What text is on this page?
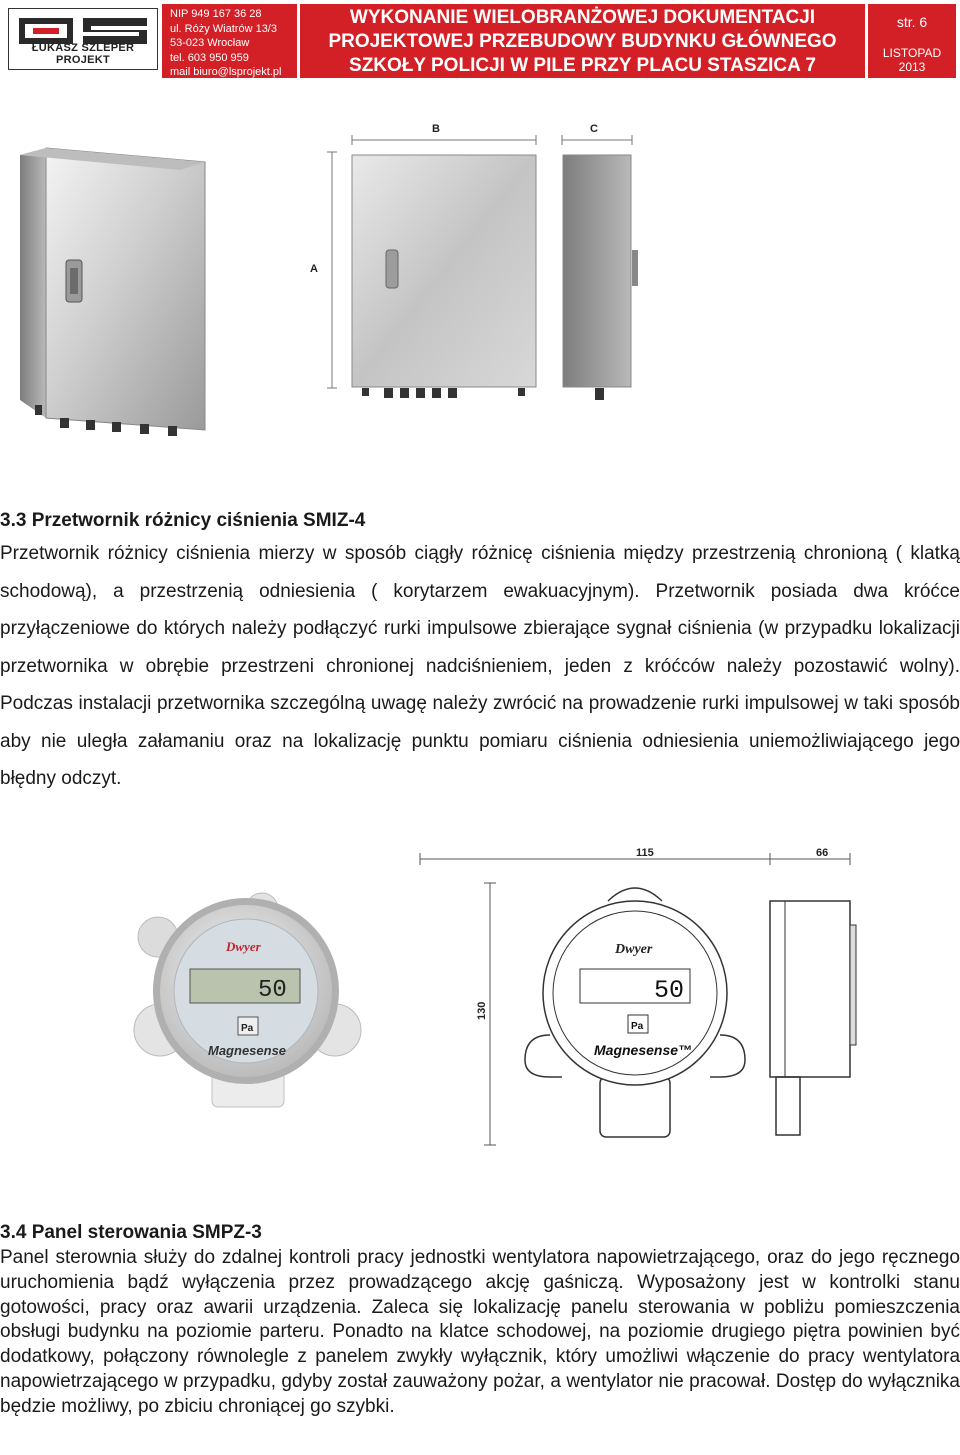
ŁUKASZ SZLEPER PROJEKT
NIP 949 167 36 28
ul. Róży Wiatrów 13/3
53-023 Wrocław
tel. 603 950 959
mail biuro@lsprojekt.pl
WYKONANIE WIELOBRANŻOWEJ DOKUMENTACJI
PROJEKTOWEJ PRZEBUDOWY BUDYNKU GŁÓWNEGO
SZKOŁY POLICJI W PILE PRZY PLACU STASZICA 7
str. 6
LISTOPAD
2013
A
B	C
3.3 Przetwornik różnicy ciśnienia SMIZ-4

Przetwornik różnicy ciśnienia mierzy w sposób ciągły różnicę ciśnienia między przestrzenią chronioną ( klatką schodową), a przestrzenią odniesienia ( korytarzem ewakuacyjnym). Przetwornik posiada dwa króćce przyłączeniowe do których należy podłączyć rurki impulsowe zbierające sygnał ciśnienia (w przypadku lokalizacji przetwornika w obrębie przestrzeni chronionej nadciśnieniem, jeden z króćców należy pozostawić wolny). Podczas instalacji przetwornika szczególną uwagę należy zwrócić na prowadzenie rurki impulsowej w taki sposób aby nie uległa załamaniu oraz na lokalizację punktu pomiaru ciśnienia odniesienia uniemożliwiającego jego błędny odczyt.

Dwyer
50
Pa
Magnesense
115	66
130
Dwyer
50
Pa
Magnesense™
3.4 Panel sterowania SMPZ-3

Panel sterownia służy do zdalnej kontroli pracy jednostki wentylatora napowietrzającego, oraz do jego ręcznego uruchomienia bądź wyłączenia przez prowadzącego akcję gaśniczą. Wyposażony jest w kontrolki stanu gotowości, pracy oraz awarii urządzenia. Zaleca się lokalizację panelu sterowania w pobliżu pomieszczenia obsługi budynku na poziomie parteru. Ponadto na klatce schodowej, na poziomie drugiego piętra powinien być dodatkowy, połączony równolegle z panelem zwykły wyłącznik, który umożliwi włączenie do pracy wentylatora napowietrzającego w przypadku, gdyby został zauważony pożar, a wentylator nie pracował. Dostęp do wyłącznika będzie możliwy, po zbiciu chroniącej go szybki.
